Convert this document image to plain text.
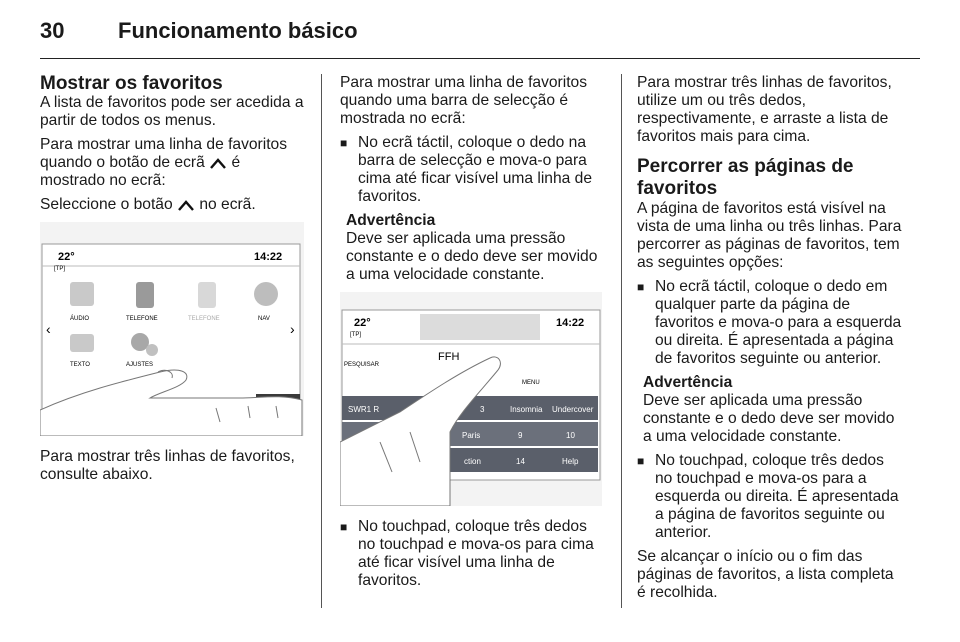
30 Funcionamento básico
Mostrar os favoritos

A lista de favoritos pode ser acedida a partir de todos os menus.

Para mostrar uma linha de favoritos quando o botão de ecrã é mostrado no ecrã:

Seleccione o botão no ecrã.

22°
[TP]
14:22
ÁUDIO	TELEFONE	TELEFONE	NAV
TEXTO	AJUSTES
‹	›

Para mostrar três linhas de favoritos, consulte abaixo.

Para mostrar uma linha de favoritos quando uma barra de selecção é mostrada no ecrã:

■ No ecrã táctil, coloque o dedo na barra de selecção e mova-o para cima até ficar visível uma linha de favoritos.
Advertência
Deve ser aplicada uma pressão constante e o dedo deve ser movido a uma velocidade constante.
22°
[TP]
14:22
FFH
PESQUISAR
MENU
SWR1 R	3	Insomnia Undercover
Paris	9	10
ction	14	Help
■ No touchpad, coloque três dedos no touchpad e mova-os para cima até ficar visível uma linha de favoritos.

Para mostrar três linhas de favoritos, utilize um ou três dedos, respectivamente, e arraste a lista de favoritos mais para cima.

Percorrer as páginas de favoritos

A página de favoritos está visível na vista de uma linha ou três linhas. Para percorrer as páginas de favoritos, tem as seguintes opções:

■ No ecrã táctil, coloque o dedo em qualquer parte da página de favoritos e mova-o para a esquerda ou direita. É apresentada a página de favoritos seguinte ou anterior.
Advertência
Deve ser aplicada uma pressão constante e o dedo deve ser movido a uma velocidade constante.
■ No touchpad, coloque três dedos no touchpad e mova-os para a esquerda ou direita. É apresentada a página de favoritos seguinte ou anterior.

Se alcançar o início ou o fim das páginas de favoritos, a lista completa é recolhida.
